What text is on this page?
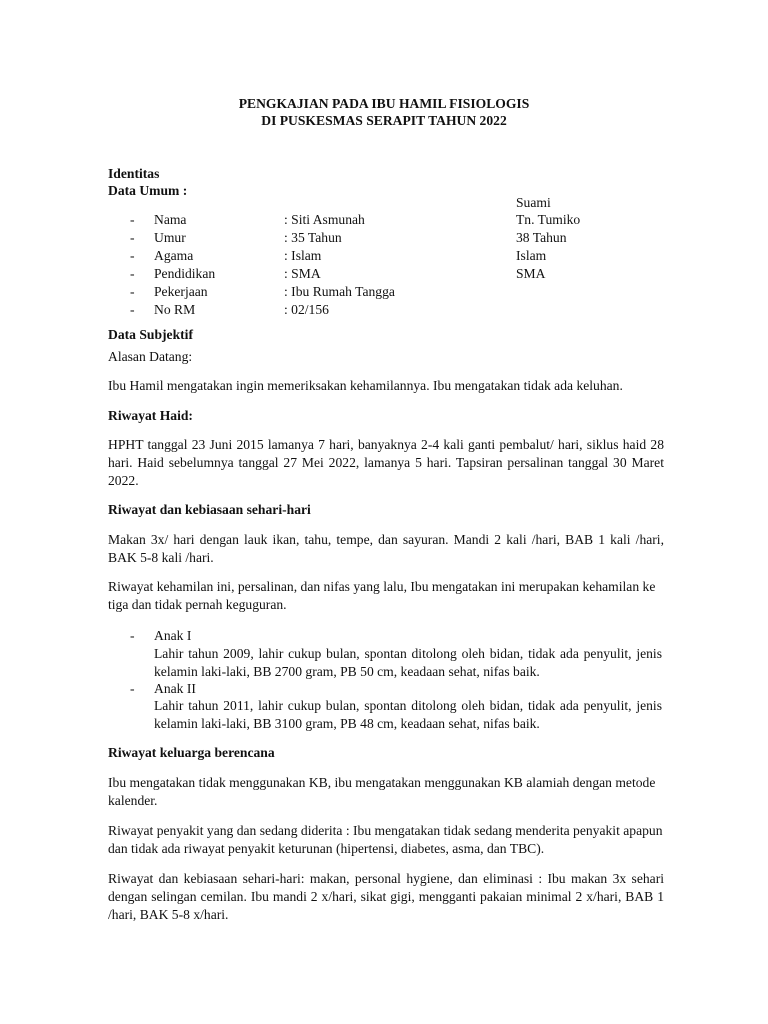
PENGKAJIAN PADA IBU HAMIL FISIOLOGIS
DI PUSKESMAS SERAPIT TAHUN 2022
Identitas
Data Umum :
Suami
- Nama	: Siti Asmunah	Tn. Tumiko
- Umur	: 35 Tahun	38 Tahun
- Agama	: Islam	Islam
- Pendidikan	: SMA	SMA
- Pekerjaan	: Ibu Rumah Tangga
- No RM	: 02/156
Data Subjektif
Alasan Datang:
Ibu Hamil mengatakan ingin memeriksakan kehamilannya. Ibu mengatakan tidak ada keluhan.
Riwayat Haid:
HPHT tanggal 23 Juni 2015 lamanya 7 hari, banyaknya 2-4 kali ganti pembalut/ hari, siklus haid 28 hari. Haid sebelumnya tanggal 27 Mei 2022, lamanya 5 hari. Tapsiran persalinan tanggal 30 Maret 2022.
Riwayat dan kebiasaan sehari-hari
Makan 3x/ hari dengan lauk ikan, tahu, tempe, dan sayuran. Mandi 2 kali /hari, BAB 1 kali /hari, BAK 5-8 kali /hari.
Riwayat kehamilan ini, persalinan, dan nifas yang lalu, Ibu mengatakan ini merupakan kehamilan ke tiga dan tidak pernah keguguran.
- Anak I
Lahir tahun 2009, lahir cukup bulan, spontan ditolong oleh bidan, tidak ada penyulit, jenis kelamin laki-laki, BB 2700 gram, PB 50 cm, keadaan sehat, nifas baik.
- Anak II
Lahir tahun 2011, lahir cukup bulan, spontan ditolong oleh bidan, tidak ada penyulit, jenis kelamin laki-laki, BB 3100 gram, PB 48 cm, keadaan sehat, nifas baik.
Riwayat keluarga berencana
Ibu mengatakan tidak menggunakan KB, ibu mengatakan menggunakan KB alamiah dengan metode kalender.
Riwayat penyakit yang dan sedang diderita : Ibu mengatakan tidak sedang menderita penyakit apapun dan tidak ada riwayat penyakit keturunan (hipertensi, diabetes, asma, dan TBC).
Riwayat dan kebiasaan sehari-hari: makan, personal hygiene, dan eliminasi : Ibu makan 3x sehari dengan selingan cemilan. Ibu mandi 2 x/hari, sikat gigi, mengganti pakaian minimal 2 x/hari, BAB 1 /hari, BAK 5-8 x/hari.
